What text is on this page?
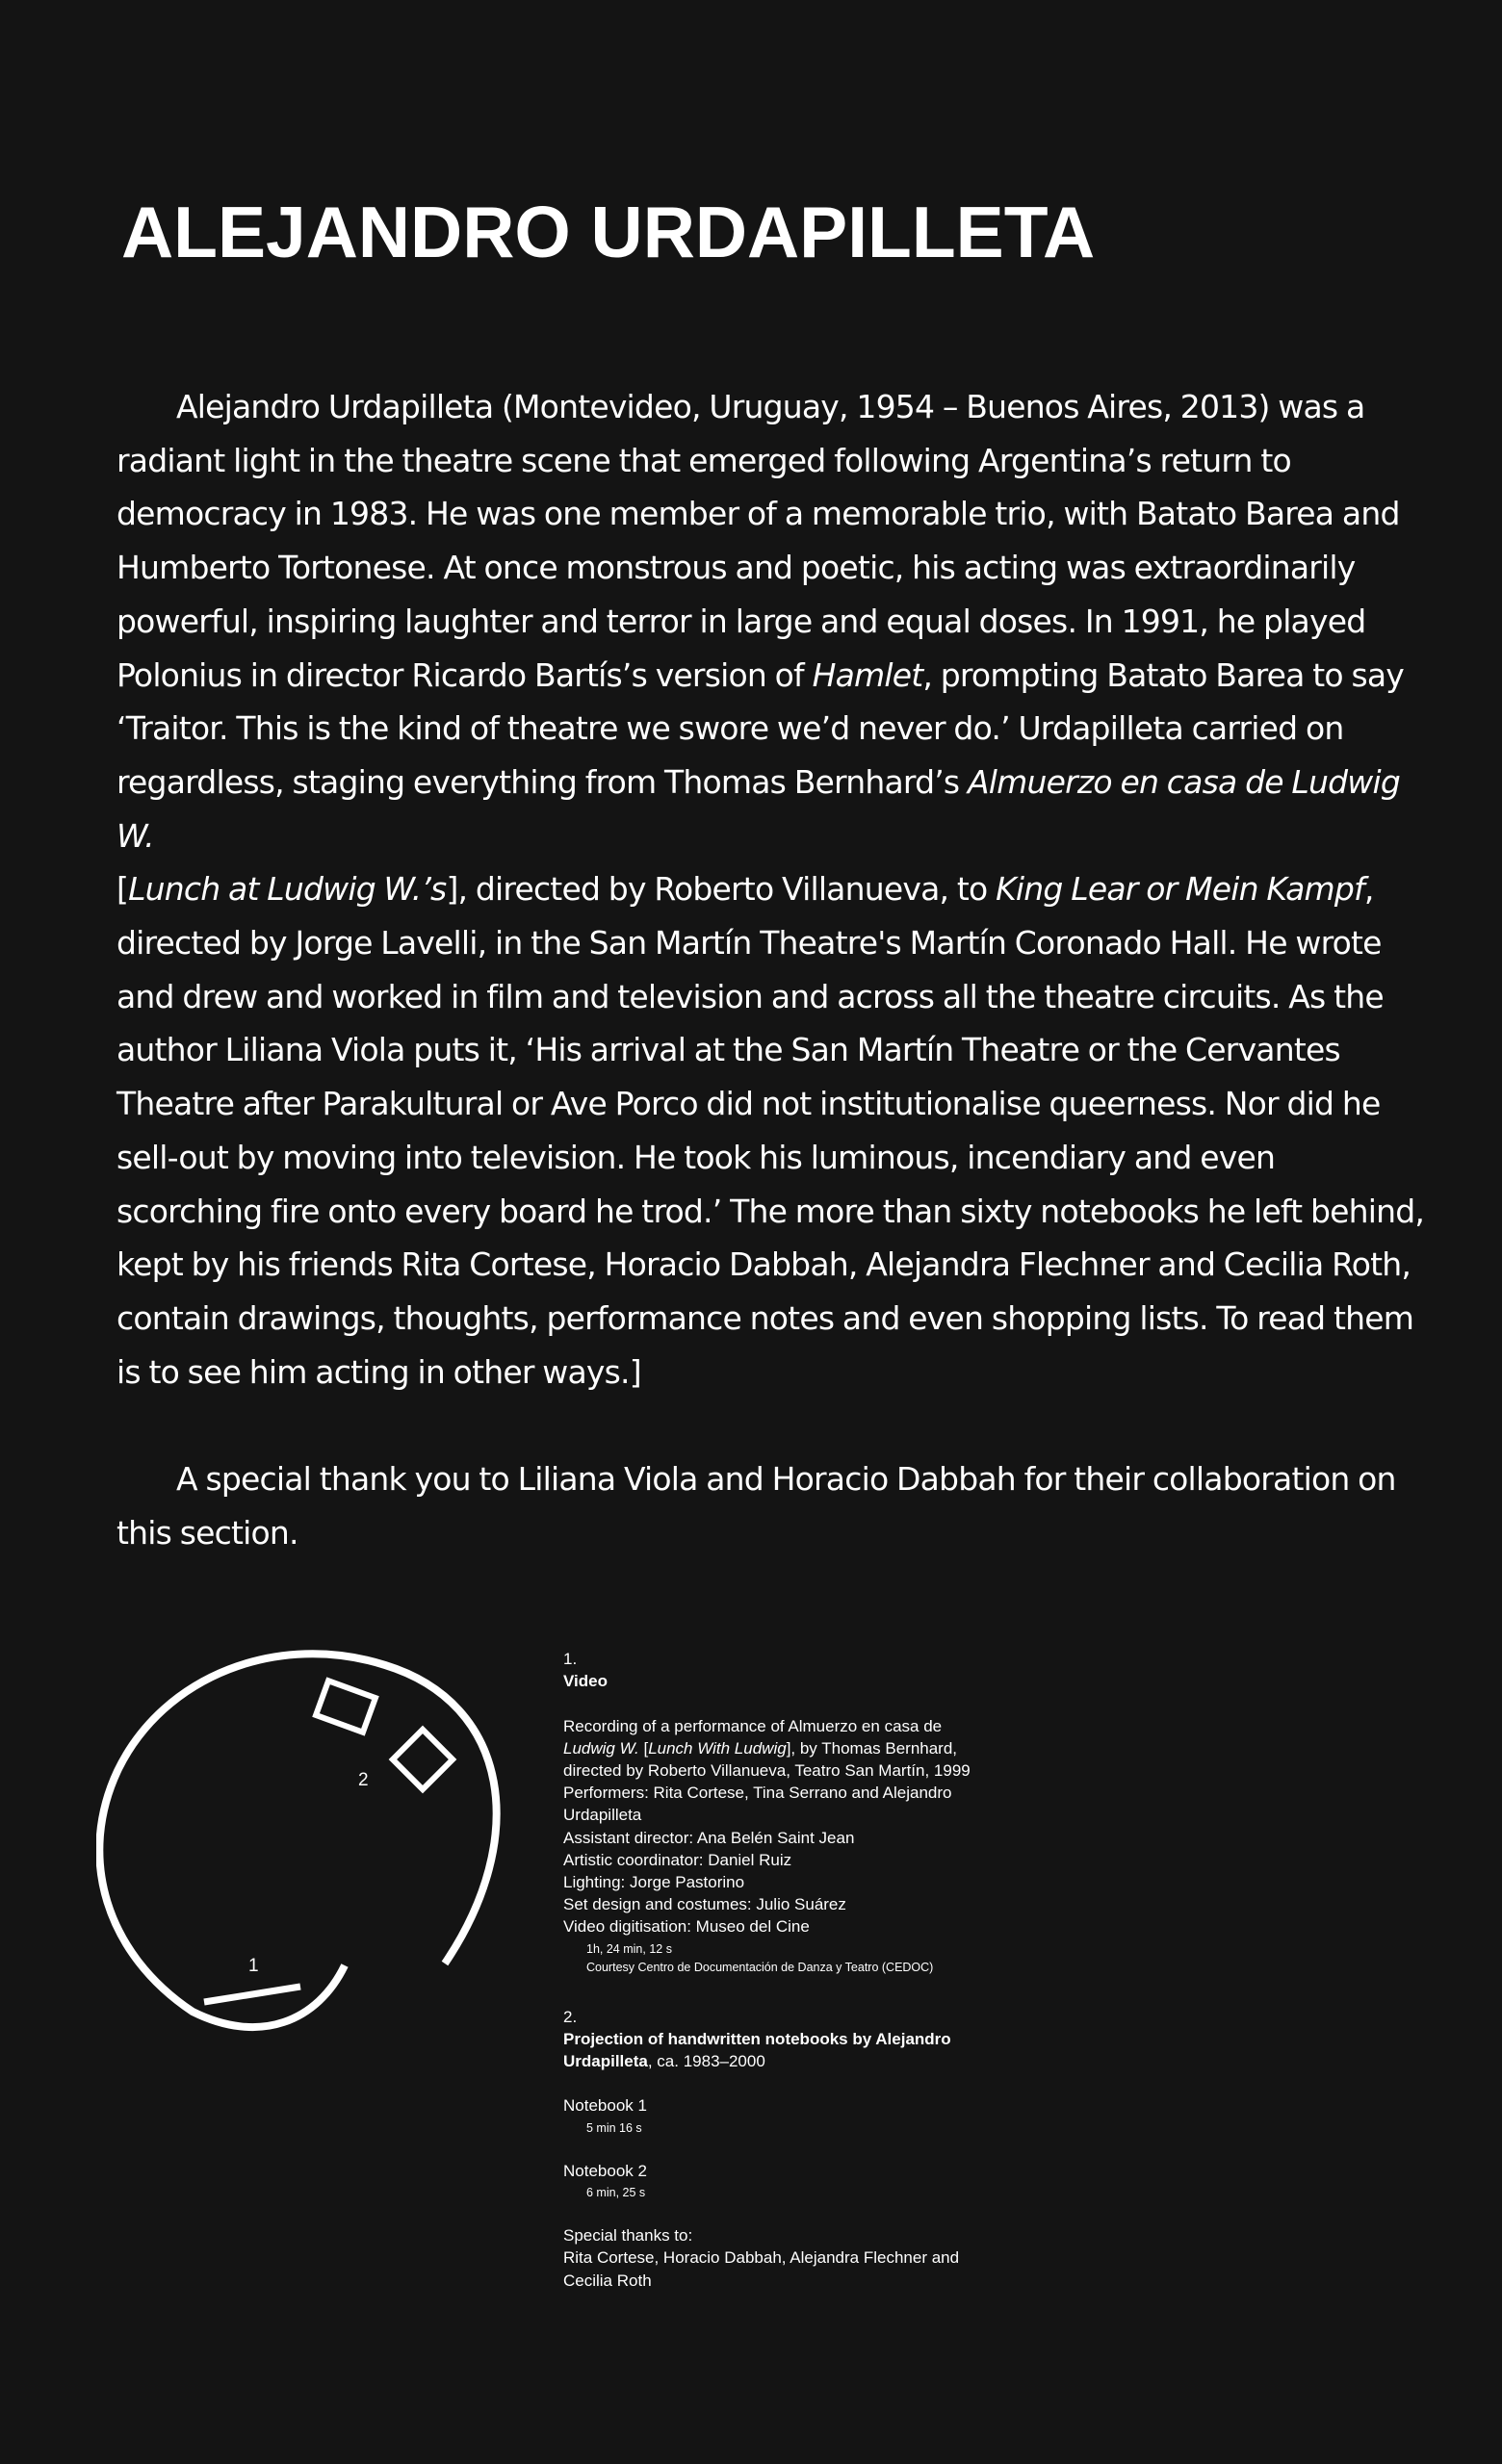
ALEJANDRO URDAPILLETA

Alejandro Urdapilleta (Montevideo, Uruguay, 1954 – Buenos Aires, 2013) was a radiant light in the theatre scene that emerged following Argentina’s return to democracy in 1983. He was one member of a memorable trio, with Batato Barea and Humberto Tortonese. At once monstrous and poetic, his acting was extraordinarily powerful, inspiring laughter and terror in large and equal doses. In 1991, he played Polonius in director Ricardo Bartís’s version of Hamlet, prompting Batato Barea to say ‘Traitor. This is the kind of theatre we swore we’d never do.’ Urdapilleta carried on regardless, staging everything from Thomas Bernhard’s Almuerzo en casa de Ludwig W.
[Lunch at Ludwig W.’s], directed by Roberto Villanueva, to King Lear or Mein Kampf, directed by Jorge Lavelli, in the San Martín Theatre's Martín Coronado Hall. He wrote and drew and worked in film and television and across all the theatre circuits. As the author Liliana Viola puts it, ‘His arrival at the San Martín Theatre or the Cervantes Theatre after Parakultural or Ave Porco did not institutionalise queerness. Nor did he sell-out by moving into television. He took his luminous, incendiary and even scorching fire onto every board he trod.’ The more than sixty notebooks he left behind, kept by his friends Rita Cortese, Horacio Dabbah, Alejandra Flechner and Cecilia Roth, contain drawings, thoughts, performance notes and even shopping lists. To read them is to see him acting in other ways.]

A special thank you to Liliana Viola and Horacio Dabbah for their collaboration on this section.

1
2
1.
Video
Recording of a performance of Almuerzo en casa de Ludwig W. [Lunch With Ludwig], by Thomas Bernhard, directed by Roberto Villanueva, Teatro San Martín, 1999
Performers: Rita Cortese, Tina Serrano and Alejandro Urdapilleta
Assistant director: Ana Belén Saint Jean
Artistic coordinator: Daniel Ruiz
Lighting: Jorge Pastorino
Set design and costumes: Julio Suárez
Video digitisation: Museo del Cine
1h, 24 min, 12 s
Courtesy Centro de Documentación de Danza y Teatro (CEDOC)
2.
Projection of handwritten notebooks by Alejandro Urdapilleta, ca. 1983–2000
Notebook 1
5 min 16 s
Notebook 2
6 min, 25 s
Special thanks to:
Rita Cortese, Horacio Dabbah, Alejandra Flechner and Cecilia Roth
